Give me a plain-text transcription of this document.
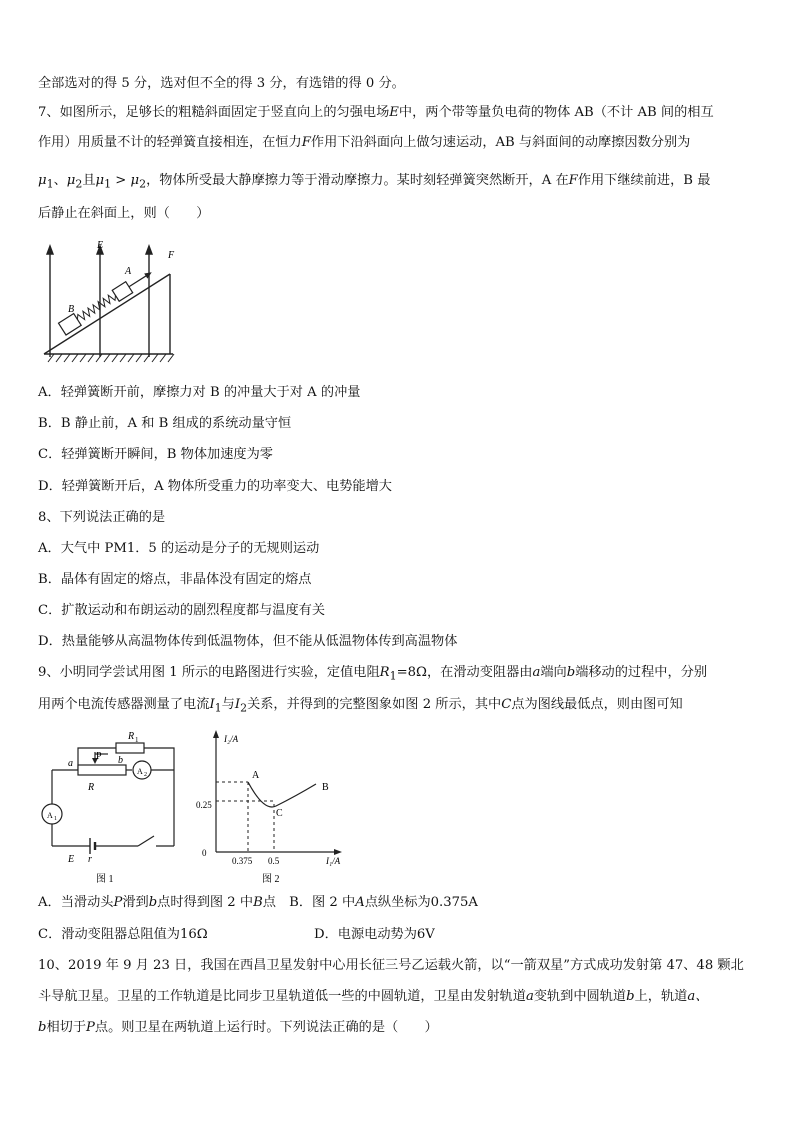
全部选对的得 5 分，选对但不全的得 3 分，有选错的得 0 分。
7、如图所示，足够长的粗糙斜面固定于竖直向上的匀强电场E中，两个带等量负电荷的物体 AB（不计 AB 间的相互
作用）用质量不计的轻弹簧直接相连，在恒力F作用下沿斜面向上做匀速运动，AB 与斜面间的动摩擦因数分别为
$\mu_1$、$\mu_2$且$\mu_1 > \mu_2$，物体所受最大静摩擦力等于滑动摩擦力。某时刻轻弹簧突然断开，A 在F作用下继续前进，B 最
后静止在斜面上，则（　　）
E
A
B
F
A．轻弹簧断开前，摩擦力对 B 的冲量大于对 A 的冲量
B．B 静止前，A 和 B 组成的系统动量守恒
C．轻弹簧断开瞬间，B 物体加速度为零
D．轻弹簧断开后，A 物体所受重力的功率变大、电势能增大
8、下列说法正确的是
A．大气中 PM1．5 的运动是分子的无规则运动
B．晶体有固定的熔点，非晶体没有固定的熔点
C．扩散运动和布朗运动的剧烈程度都与温度有关
D．热量能够从高温物体传到低温物体，但不能从低温物体传到高温物体
9、小明同学尝试用图 1 所示的电路图进行实验，定值电阻$R_1=8\Omega$，在滑动变阻器由a端向b端移动的过程中，分别
用两个电流传感器测量了电流$I_1$与$I_2$关系，并得到的完整图象如图 2 所示，其中C点为图线最低点，则由图可知
R 1
a
P b
R
A 2
A 1
E r
图 1
I₂/A
I₁/A
0
0.25
0.375 0.5
A
B
C
图 2
A．当滑动头P滑到b点时得到图 2 中B点　 B．图 2 中A点纵坐标为0.375A
C．滑动变阻器总阻值为16Ω	D．电源电动势为6V
10、2019 年 9 月 23 日，我国在西昌卫星发射中心用长征三号乙运载火箭，以“一箭双星”方式成功发射第 47、48 颗北
斗导航卫星。卫星的工作轨道是比同步卫星轨道低一些的中圆轨道，卫星由发射轨道a变轨到中圆轨道b上，轨道a、
b相切于P点。则卫星在两轨道上运行时。下列说法正确的是（　　）
